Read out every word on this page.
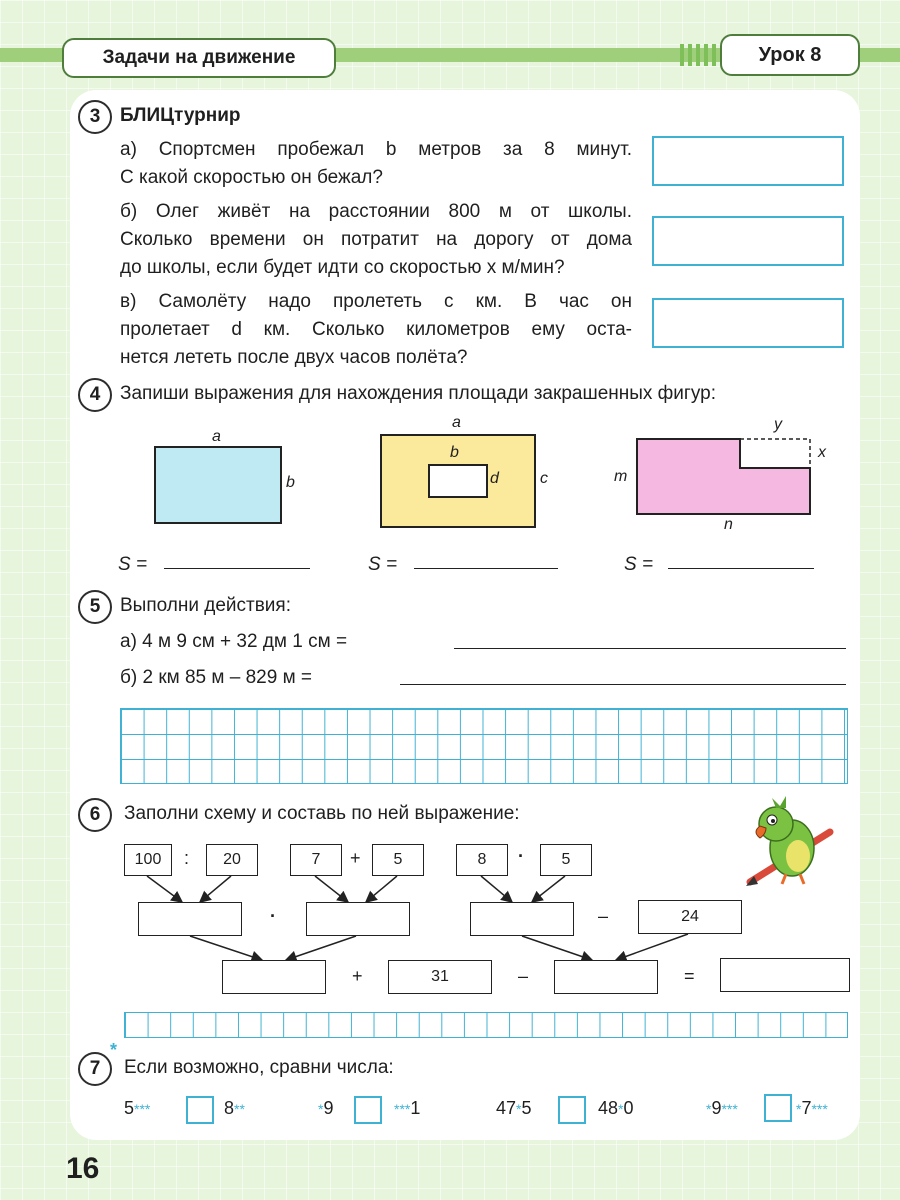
Задачи на движение	Урок 8
3	БЛИЦтурнир
а) Спортсмен пробежал b метров за 8 минут.
С какой скоростью он бежал?
б) Олег живёт на расстоянии 800 м от школы.
Сколько времени он потратит на дорогу от дома
до школы, если будет идти со скоростью x м/мин?
в) Самолёту надо пролететь c км. В час он
пролетает d км. Сколько километров ему оста-
нется лететь после двух часов полёта?
4	Запиши выражения для нахождения площади закрашенных фигур:
a
b
S =
a
b
d	c
S =
y
x
m
n
S =
5	Выполни действия:
а) 4 м 9 см + 32 дм 1 см =
б) 2 км 85 м – 829 м =
6	Заполни схему и составь по ней выражение:
100	:	20	7	+	5	8	·	5
·	–	24
+	31	–	=
7
*
Если возможно, сравни числа:
5***	8**	*9	***1	47*5	48*0	*9***	*7***
16
